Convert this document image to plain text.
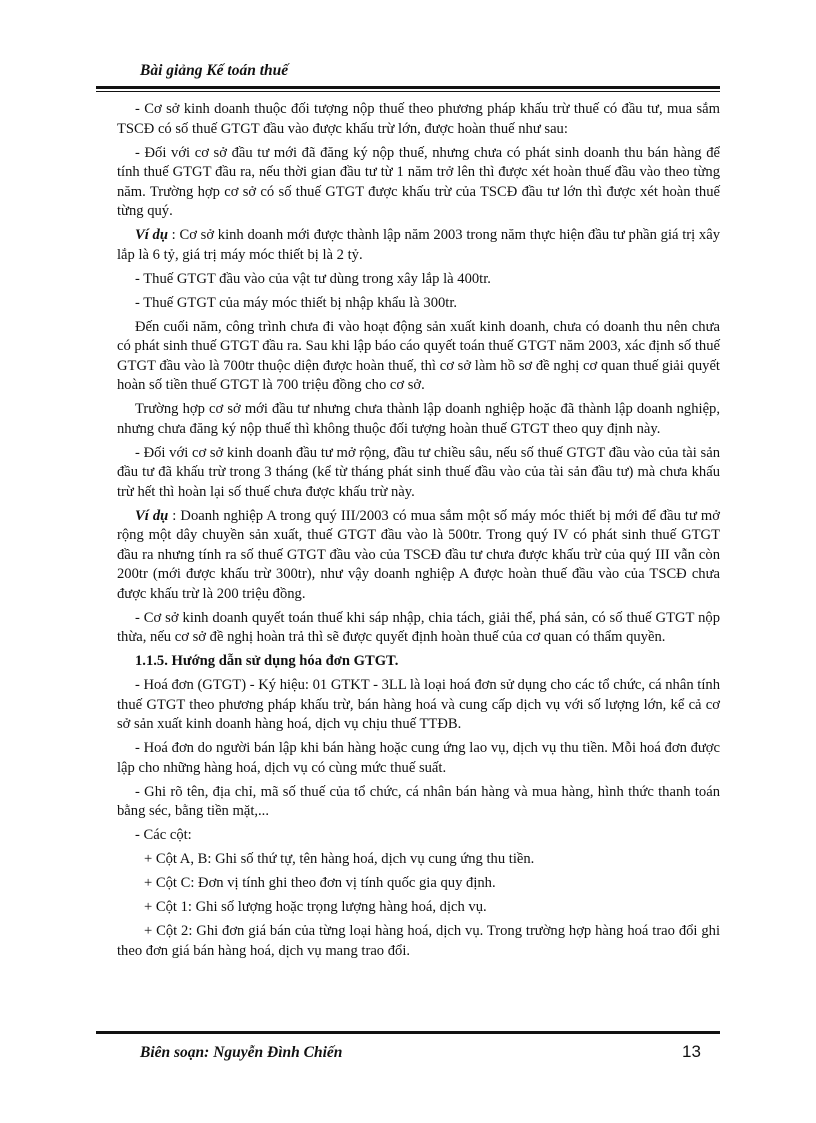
Bài giảng Kế toán thuế

- Cơ sở kinh doanh thuộc đối tượng nộp thuế theo phương pháp khấu trừ thuế có đầu tư, mua sắm TSCĐ có số thuế GTGT đầu vào được khấu trừ lớn, được hoàn thuế như sau:

- Đối với cơ sở đầu tư mới đã đăng ký nộp thuế, nhưng chưa có phát sinh doanh thu bán hàng để tính thuế GTGT đầu ra, nếu thời gian đầu tư từ 1 năm trở lên thì được xét hoàn thuế đầu vào theo từng năm. Trường hợp cơ sở có số thuế GTGT được khấu trừ của TSCĐ đầu tư lớn thì được xét hoàn thuế từng quý.

Ví dụ : Cơ sở kinh doanh mới được thành lập năm 2003 trong năm thực hiện đầu tư phần giá trị xây lắp là 6 tỷ, giá trị máy móc thiết bị là 2 tỷ.

- Thuế GTGT đầu vào của vật tư dùng trong xây lắp là 400tr.

- Thuế GTGT của máy móc thiết bị nhập khẩu là 300tr.

Đến cuối năm, công trình chưa đi vào hoạt động sản xuất kinh doanh, chưa có doanh thu nên chưa có phát sinh thuế GTGT đầu ra. Sau khi lập báo cáo quyết toán thuế GTGT năm 2003, xác định số thuế GTGT đầu vào là 700tr thuộc diện được hoàn thuế, thì cơ sở làm hồ sơ đề nghị cơ quan thuế giải quyết hoàn số tiền thuế GTGT là 700 triệu đồng cho cơ sở.

Trường hợp cơ sở mới đầu tư nhưng chưa thành lập doanh nghiệp hoặc đã thành lập doanh nghiệp, nhưng chưa đăng ký nộp thuế thì không thuộc đối tượng hoàn thuế GTGT theo quy định này.

- Đối với cơ sở kinh doanh đầu tư mở rộng, đầu tư chiều sâu, nếu số thuế GTGT đầu vào của tài sản đầu tư đã khấu trừ trong 3 tháng (kể từ tháng phát sinh thuế đầu vào của tài sản đầu tư) mà chưa khấu trừ hết thì hoàn lại số thuế chưa được khấu trừ này.

Ví dụ : Doanh nghiệp A trong quý III/2003 có mua sắm một số máy móc thiết bị mới để đầu tư mở rộng một dây chuyền sản xuất, thuế GTGT đầu vào là 500tr. Trong quý IV có phát sinh thuế GTGT đầu ra nhưng tính ra số thuế GTGT đầu vào của TSCĐ đầu tư chưa được khấu trừ của quý III vẫn còn 200tr (mới được khấu trừ 300tr), như vậy doanh nghiệp A được hoàn thuế đầu vào của TSCĐ chưa được khấu trừ là 200 triệu đồng.

- Cơ sở kinh doanh quyết toán thuế khi sáp nhập, chia tách, giải thể, phá sản, có số thuế GTGT nộp thừa, nếu cơ sở đề nghị hoàn trả thì sẽ được quyết định hoàn thuế của cơ quan có thẩm quyền.

1.1.5. Hướng dẫn sử dụng hóa đơn GTGT.

- Hoá đơn (GTGT) - Ký hiệu: 01 GTKT - 3LL là loại hoá đơn sử dụng cho các tổ chức, cá nhân tính thuế GTGT theo phương pháp khấu trừ, bán hàng hoá và cung cấp dịch vụ với số lượng lớn, kể cả cơ sở sản xuất kinh doanh hàng hoá, dịch vụ chịu thuế TTĐB.

- Hoá đơn do người bán lập khi bán hàng hoặc cung ứng lao vụ, dịch vụ thu tiền. Mỗi hoá đơn được lập cho những hàng hoá, dịch vụ có cùng mức thuế suất.

- Ghi rõ tên, địa chỉ, mã số thuế của tổ chức, cá nhân bán hàng và mua hàng, hình thức thanh toán bằng séc, bằng tiền mặt,...

- Các cột:

+ Cột A, B: Ghi số thứ tự, tên hàng hoá, dịch vụ cung ứng thu tiền.

+ Cột C: Đơn vị tính ghi theo đơn vị tính quốc gia quy định.

+ Cột 1: Ghi số lượng hoặc trọng lượng hàng hoá, dịch vụ.

+ Cột 2: Ghi đơn giá bán của từng loại hàng hoá, dịch vụ. Trong trường hợp hàng hoá trao đổi ghi theo đơn giá bán hàng hoá, dịch vụ mang trao đổi.

Biên soạn: Nguyễn Đình Chiến	13
